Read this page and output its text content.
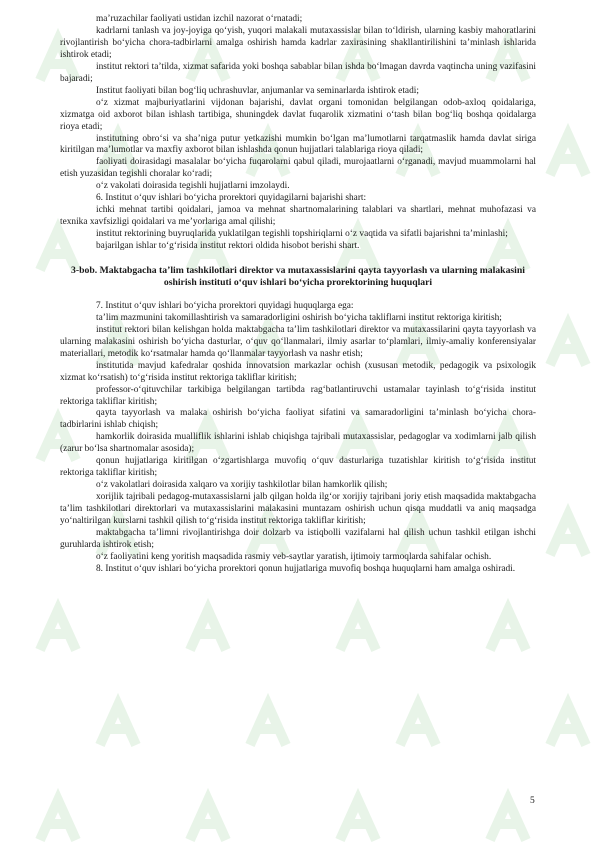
ma’ruzachilar faoliyati ustidan izchil nazorat o‘rnatadi;

kadrlarni tanlash va joy-joyiga qo‘yish, yuqori malakali mutaxassislar bilan to‘ldirish, ularning kasbiy mahoratlarini rivojlantirish bo‘yicha chora-tadbirlarni amalga oshirish hamda kadrlar zaxirasining shakllantirilishini ta’minlash ishlarida ishtirok etadi;

institut rektori ta’tilda, xizmat safarida yoki boshqa sabablar bilan ishda bo‘lmagan davrda vaqtincha uning vazifasini bajaradi;

Institut faoliyati bilan bog‘liq uchrashuvlar, anjumanlar va seminarlarda ishtirok etadi;

o‘z xizmat majburiyatlarini vijdonan bajarishi, davlat organi tomonidan belgilangan odob-axloq qoidalariga, xizmatga oid axborot bilan ishlash tartibiga, shuningdek davlat fuqarolik xizmatini o‘tash bilan bog‘liq boshqa qoidalarga rioya etadi;

institutning obro‘si va sha’niga putur yetkazishi mumkin bo‘lgan ma’lumotlarni tarqatmaslik hamda davlat siriga kiritilgan ma’lumotlar va maxfiy axborot bilan ishlashda qonun hujjatlari talablariga rioya qiladi;

faoliyati doirasidagi masalalar bo‘yicha fuqarolarni qabul qiladi, murojaatlarni o‘rganadi, mavjud muammolarni hal etish yuzasidan tegishli choralar ko‘radi;

o‘z vakolati doirasida tegishli hujjatlarni imzolaydi.

6. Institut o‘quv ishlari bo‘yicha prorektori quyidagilarni bajarishi shart:

ichki mehnat tartibi qoidalari, jamoa va mehnat shartnomalarining talablari va shartlari, mehnat muhofazasi va texnika xavfsizligi qoidalari va me’yorlariga amal qilishi;

institut rektorining buyruqlarida yuklatilgan tegishli topshiriqlarni o‘z vaqtida va sifatli bajarishni ta’minlashi;

bajarilgan ishlar to‘g‘risida institut rektori oldida hisobot berishi shart.

3-bob. Maktabgacha ta’lim tashkilotlari direktor va mutaxassislarini qayta tayyorlash va ularning malakasini oshirish instituti o‘quv ishlari bo‘yicha prorektorining huquqlari

7. Institut o‘quv ishlari bo‘yicha prorektori quyidagi huquqlarga ega:

ta’lim mazmunini takomillashtirish va samaradorligini oshirish bo‘yicha takliflarni institut rektoriga kiritish;

institut rektori bilan kelishgan holda maktabgacha ta’lim tashkilotlari direktor va mutaxassilarini qayta tayyorlash va ularning malakasini oshirish bo‘yicha dasturlar, o‘quv qo‘llanmalari, ilmiy asarlar to‘plamlari, ilmiy-amaliy konferensiyalar materiallari, metodik ko‘rsatmalar hamda qo‘llanmalar tayyorlash va nashr etish;

institutida mavjud kafedralar qoshida innovatsion markazlar ochish (xususan metodik, pedagogik va psixologik xizmat ko‘rsatish) to‘g‘risida institut rektoriga takliflar kiritish;

professor-o‘qituvchilar tarkibiga belgilangan tartibda rag‘batlantiruvchi ustamalar tayinlash to‘g‘risida institut rektoriga takliflar kiritish;

qayta tayyorlash va malaka oshirish bo‘yicha faoliyat sifatini va samaradorligini ta’minlash bo‘yicha chora-tadbirlarini ishlab chiqish;

hamkorlik doirasida mualliflik ishlarini ishlab chiqishga tajribali mutaxassislar, pedagoglar va xodimlarni jalb qilish (zarur bo‘lsa shartnomalar asosida);

qonun hujjatlariga kiritilgan o‘zgartishlarga muvofiq o‘quv dasturlariga tuzatishlar kiritish to‘g‘risida institut rektoriga takliflar kiritish;

o‘z vakolatlari doirasida xalqaro va xorijiy tashkilotlar bilan hamkorlik qilish;

xorijlik tajribali pedagog-mutaxassislarni jalb qilgan holda ilg‘or xorijiy tajribani joriy etish maqsadida maktabgacha ta’lim tashkilotlari direktorlari va mutaxassislarini malakasini muntazam oshirish uchun qisqa muddatli va aniq maqsadga yo‘naltirilgan kurslarni tashkil qilish to‘g‘risida institut rektoriga takliflar kiritish;

maktabgacha ta’limni rivojlantirishga doir dolzarb va istiqbolli vazifalarni hal qilish uchun tashkil etilgan ishchi guruhlarda ishtirok etish;

o‘z faoliyatini keng yoritish maqsadida rasmiy veb-saytlar yaratish, ijtimoiy tarmoqlarda sahifalar ochish.

8. Institut o‘quv ishlari bo‘yicha prorektori qonun hujjatlariga muvofiq boshqa huquqlarni ham amalga oshiradi.

5
